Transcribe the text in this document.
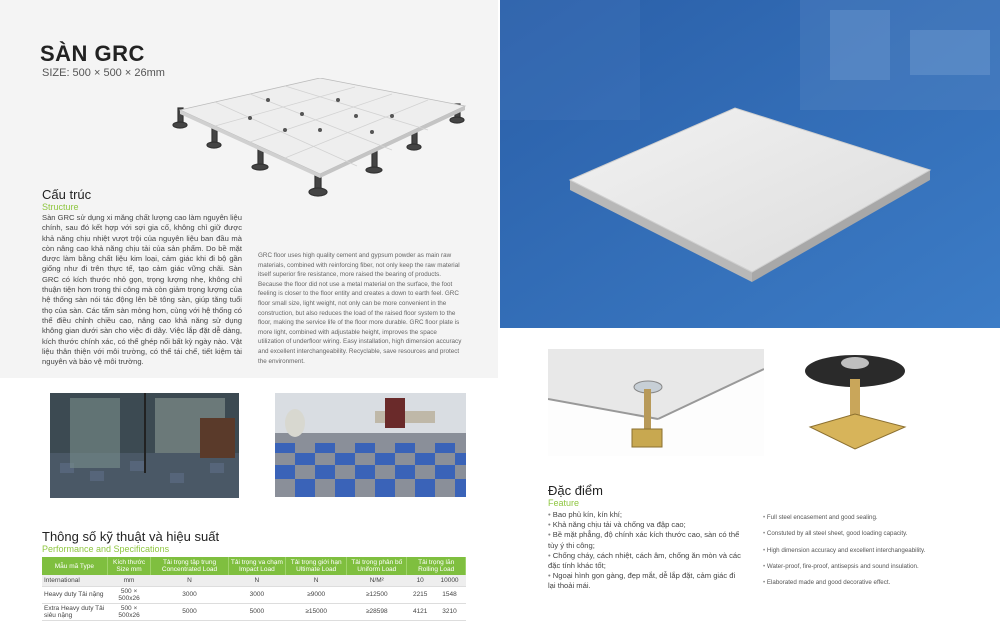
SÀN GRC
SIZE: 500 × 500 × 26mm
Cấu trúc
Structure
Sàn GRC sử dụng xi măng chất lượng cao làm nguyên liệu chính, sau đó kết hợp với sợi gia cố, không chỉ giữ được khả năng chịu nhiệt vượt trội của nguyên liệu ban đầu mà còn nâng cao khả năng chịu tải của sản phẩm. Do bề mặt được làm bằng chất liệu kim loại, cảm giác khi đi bộ gần giống như đi trên thực tế, tạo cảm giác vững chãi. Sàn GRC có kích thước nhỏ gọn, trọng lượng nhẹ, không chỉ thuận tiện hơn trong thi công mà còn giảm trọng lượng của hệ thống sàn nói tác động lên bề tông sàn, giúp tăng tuổi thọ của sàn. Các tấm sàn mỏng hơn, cùng với hệ thống có thể điều chỉnh chiều cao, nâng cao khả năng sử dụng không gian dưới sàn cho việc đi dây. Việc lắp đặt dễ dàng, kích thước chính xác, có thể ghép nối bất kỳ ngày nào. Vật liệu thân thiện với môi trường, có thể tái chế, tiết kiệm tài nguyên và bảo vệ môi trường.
GRC floor uses high quality cement and gypsum powder as main raw materials, combined with reinforcing fiber, not only keep the raw material itself superior fire resistance, more raised the bearing of products. Because the floor did not use a metal material on the surface, the foot feeling is closer to the floor entity and creates a down to earth feel. GRC floor small size, light weight, not only can be more convenient in the construction, but also reduces the load of the raised floor system to the floor, making the service life of the floor more durable. GRC floor plate is more light, combined with adjustable height, improves the space utilization of underfloor wiring. Easy installation, high dimension accuracy and excellent interchangeability. Recyclable, save resources and protect the environment.
Thông số kỹ thuật và hiệu suất
Performance and Specifications
Mẫu mã Type	Kích thước Size mm	Tải trọng tập trung Concentrated Load	Tải trọng va chạm Impact Load	Tải trọng giới hạn Ultimate Load	Tải trọng phân bố Uniform Load	Tải trọng lăn Rolling Load	
International	mm	N	N	N	N/M²	10	10000
Heavy duty Tải nặng	500 × 500x26	3000	3000	≥9000	≥12500	2215	1548
Extra Heavy duty Tải siêu nặng	500 × 500x26	5000	5000	≥15000	≥28598	4121	3210
Đặc điểm
Feature
• Bao phủ kín, kín khí;
• Khả năng chịu tải và chống va đập cao;
• Bề mặt phẳng, độ chính xác kích thước cao, sàn có thể tùy ý thi công;
• Chống cháy, cách nhiệt, cách âm, chống ăn mòn và các đặc tính khác tốt;
• Ngoại hình gọn gàng, đẹp mắt, dễ lắp đặt, cảm giác đi lại thoải mái.
• Full steel encasement and good sealing.
• Constuted by all steel sheet, good loading capacity.
• High dimension accuracy and excellent interchangeability.
• Water-proof, fire-proof, antisepsis and sound insulation.
• Elaborated made and good decorative effect.
